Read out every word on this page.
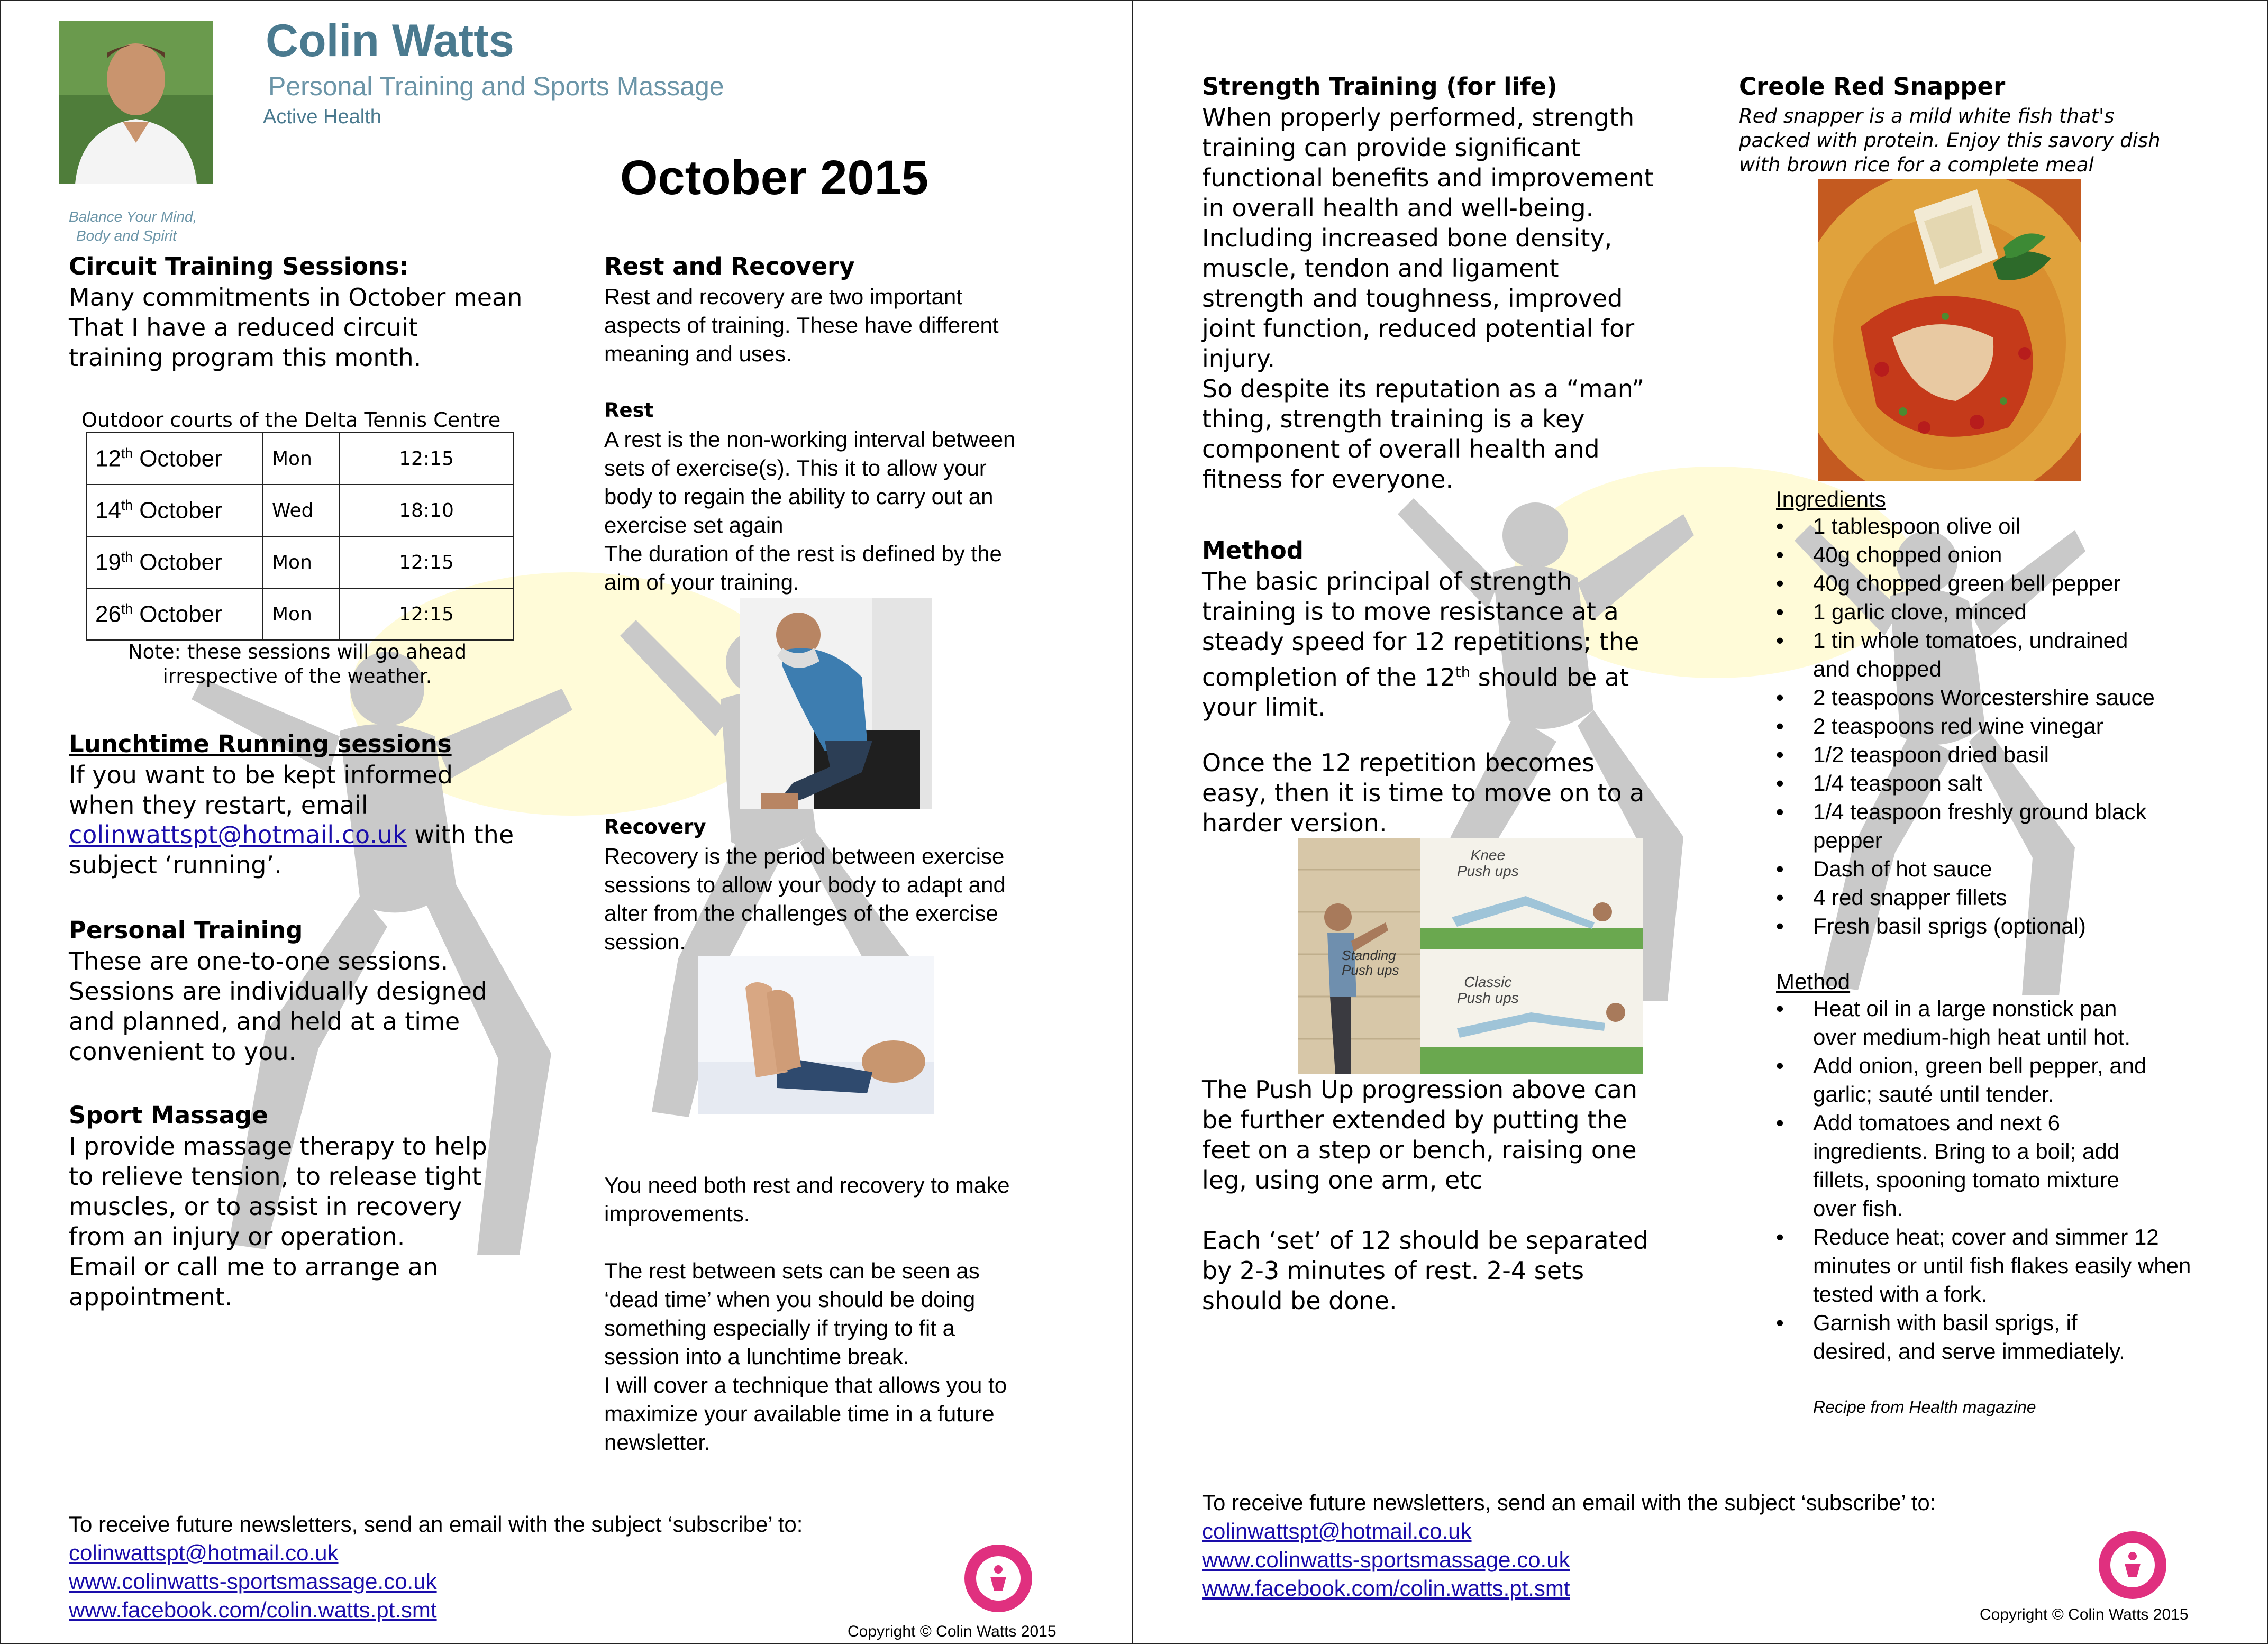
Colin Watts
Personal Training and Sports Massage
Active Health
Balance Your Mind,
Body and Spirit
October 2015
Circuit Training Sessions:
Many commitments in October mean
That I have a reduced circuit
training program this month.
Outdoor courts of the Delta Tennis Centre
12th October	Mon	12:15
14th October	Wed	18:10
19th October	Mon	12:15
26th October	Mon	12:15
Note: these sessions will go ahead
irrespective of the weather.
Lunchtime Running sessions
If you want to be kept informed
when they restart, email
colinwattspt@hotmail.co.uk with the
subject ‘running’.
Personal Training
These are one-to-one sessions.
Sessions are individually designed
and planned, and held at a time
convenient to you.
Sport Massage
I provide massage therapy to help
to relieve tension, to release tight
muscles, or to assist in recovery
from an injury or operation.
Email or call me to arrange an
appointment.
Rest and Recovery
Rest and recovery are two important
aspects of training. These have different
meaning and uses.
Rest
A rest is the non-working interval between
sets of exercise(s). This it to allow your
body to regain the ability to carry out an
exercise set again
The duration of the rest is defined by the
aim of your training.
Recovery
Recovery is the period between exercise
sessions to allow your body to adapt and
alter from the challenges of the exercise
session.
You need both rest and recovery to make
improvements.

The rest between sets can be seen as
‘dead time’ when you should be doing
something especially if trying to fit a
session into a lunchtime break.
I will cover a technique that allows you to
maximize your available time in a future
newsletter.
To receive future newsletters, send an email with the subject ‘subscribe’ to:
colinwattspt@hotmail.co.uk
www.colinwatts-sportsmassage.co.uk
www.facebook.com/colin.watts.pt.smt
REPs
Copyright © Colin Watts 2015
Strength Training (for life)
When properly performed, strength
training can provide significant
functional benefits and improvement
in overall health and well-being.
Including increased bone density,
muscle, tendon and ligament
strength and toughness, improved
joint function, reduced potential for
injury.
So despite its reputation as a “man”
thing, strength training is a key
component of overall health and
fitness for everyone.
Method
The basic principal of strength
training is to move resistance at a
steady speed for 12 repetitions; the
completion of the 12th should be at
your limit.
Once the 12 repetition becomes
easy, then it is time to move on to a
harder version.
Knee
Push ups
Standing
Push ups
Classic
Push ups
The Push Up progression above can
be further extended by putting the
feet on a step or bench, raising one
leg, using one arm, etc

Each ‘set’ of 12 should be separated
by 2-3 minutes of rest. 2-4 sets
should be done.
Creole Red Snapper
Red snapper is a mild white fish that's
packed with protein. Enjoy this savory dish
with brown rice for a complete meal
Ingredients
• 1 tablespoon olive oil
• 40g chopped onion
• 40g chopped green bell pepper
• 1 garlic clove, minced
• 1 tin whole tomatoes, undrained and chopped
• 2 teaspoons Worcestershire sauce
• 2 teaspoons red wine vinegar
• 1/2 teaspoon dried basil
• 1/4 teaspoon salt
• 1/4 teaspoon freshly ground black pepper
• Dash of hot sauce
• 4 red snapper fillets
• Fresh basil sprigs (optional)
Method
• Heat oil in a large nonstick pan over medium-high heat until hot.
• Add onion, green bell pepper, and garlic; sauté until tender.
• Add tomatoes and next 6 ingredients. Bring to a boil; add fillets, spooning tomato mixture over fish.
• Reduce heat; cover and simmer 12 minutes or until fish flakes easily when tested with a fork.
• Garnish with basil sprigs, if desired, and serve immediately.
Recipe from Health magazine
To receive future newsletters, send an email with the subject ‘subscribe’ to:
colinwattspt@hotmail.co.uk
www.colinwatts-sportsmassage.co.uk
www.facebook.com/colin.watts.pt.smt	REPs
Copyright © Colin Watts 2015
